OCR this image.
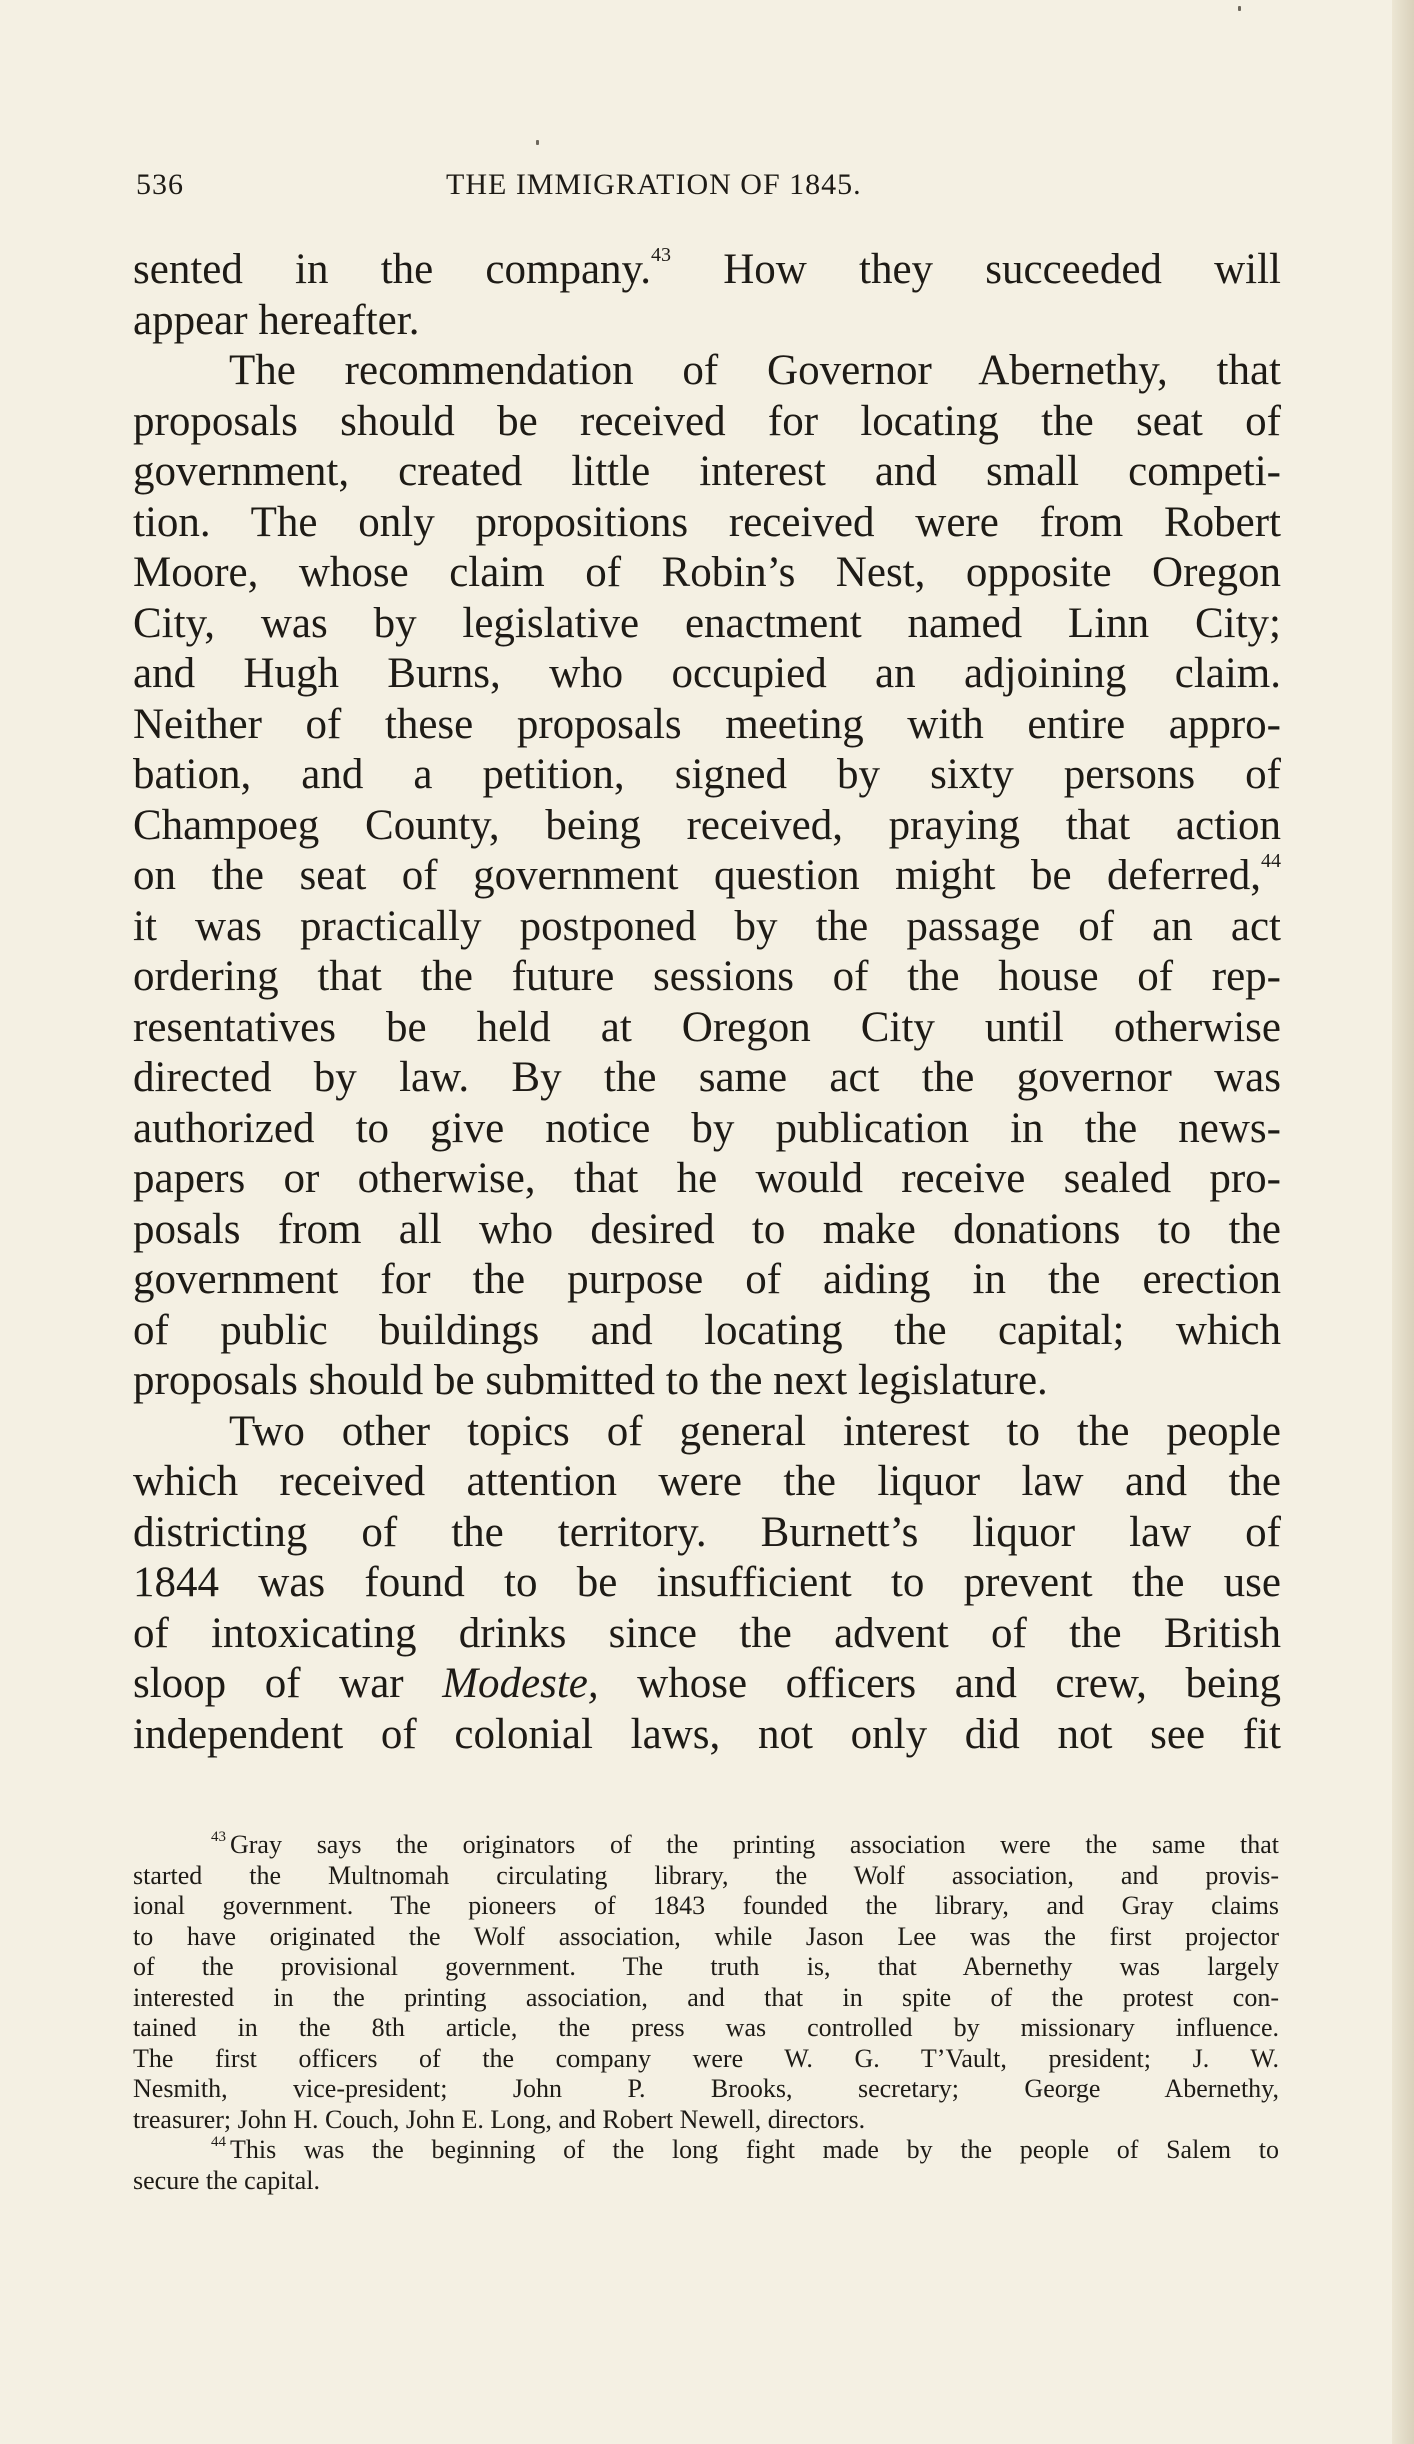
536	THE IMMIGRATION OF 1845.
sented in the company.$^{43}$ How they succeeded will
appear hereafter.
The recommendation of Governor Abernethy, that
proposals should be received for locating the seat of
government, created little interest and small competi-
tion. The only propositions received were from Robert
Moore, whose claim of Robin’s Nest, opposite Oregon
City, was by legislative enactment named Linn City;
and Hugh Burns, who occupied an adjoining claim.
Neither of these proposals meeting with entire appro-
bation, and a petition, signed by sixty persons of
Champoeg County, being received, praying that action
on the seat of government question might be deferred,$^{44}$
it was practically postponed by the passage of an act
ordering that the future sessions of the house of rep-
resentatives be held at Oregon City until otherwise
directed by law. By the same act the governor was
authorized to give notice by publication in the news-
papers or otherwise, that he would receive sealed pro-
posals from all who desired to make donations to the
government for the purpose of aiding in the erection
of public buildings and locating the capital; which
proposals should be submitted to the next legislature.
Two other topics of general interest to the people
which received attention were the liquor law and the
districting of the territory. Burnett’s liquor law of
1844 was found to be insufficient to prevent the use
of intoxicating drinks since the advent of the British
sloop of war Modeste, whose officers and crew, being
independent of colonial laws, not only did not see fit
$^{43}$ Gray says the originators of the printing association were the same that
started the Multnomah circulating library, the Wolf association, and provis-
ional government. The pioneers of 1843 founded the library, and Gray claims
to have originated the Wolf association, while Jason Lee was the first projector
of the provisional government. The truth is, that Abernethy was largely
interested in the printing association, and that in spite of the protest con-
tained in the 8th article, the press was controlled by missionary influence.
The first officers of the company were W. G. T’Vault, president; J. W.
Nesmith, vice-president; John P. Brooks, secretary; George Abernethy,
treasurer; John H. Couch, John E. Long, and Robert Newell, directors.
$^{44}$ This was the beginning of the long fight made by the people of Salem to
secure the capital.
